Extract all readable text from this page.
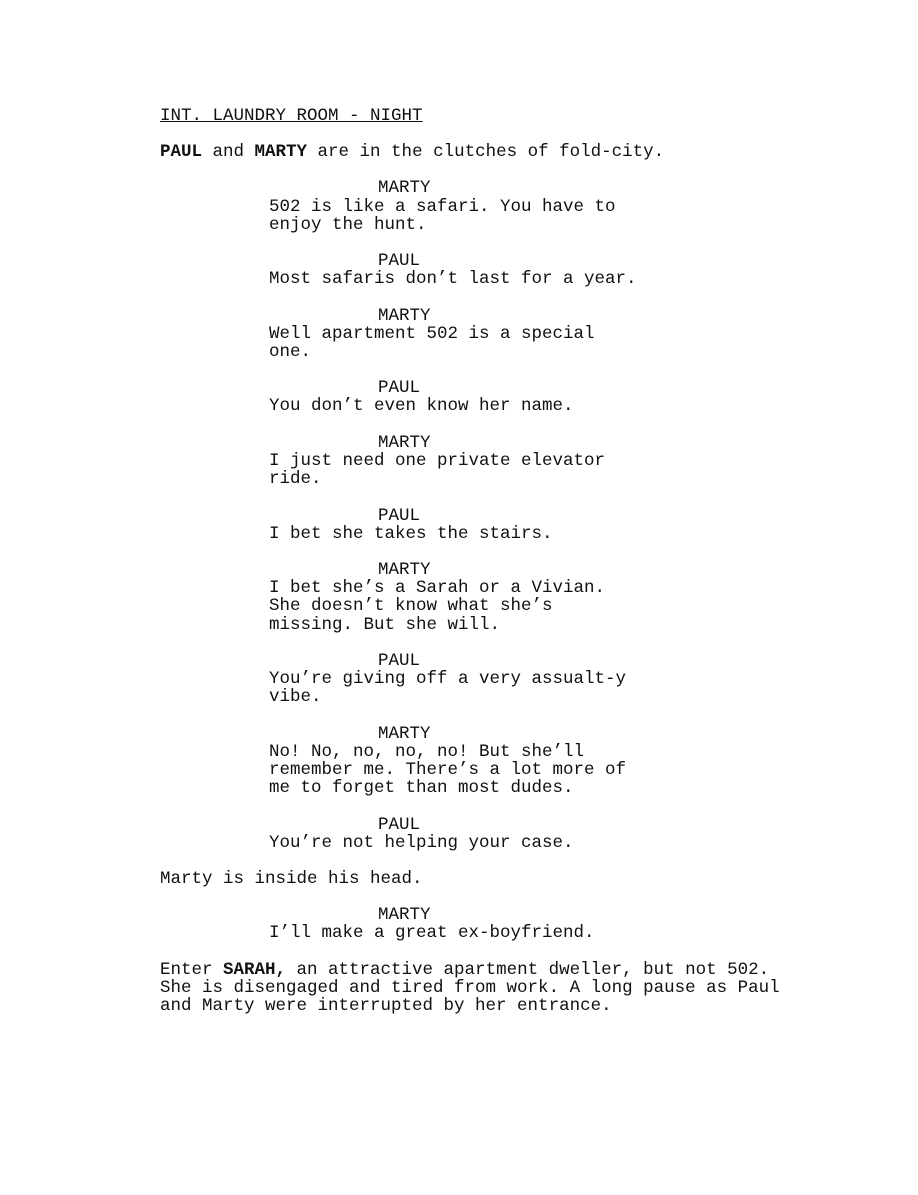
INT. LAUNDRY ROOM - NIGHT
PAUL and MARTY are in the clutches of fold-city.
MARTY
502 is like a safari. You have to
enjoy the hunt.
PAUL
Most safaris don’t last for a year.
MARTY
Well apartment 502 is a special
one.
PAUL
You don’t even know her name.
MARTY
I just need one private elevator
ride.
PAUL
I bet she takes the stairs.
MARTY
I bet she’s a Sarah or a Vivian.
She doesn’t know what she’s
missing. But she will.
PAUL
You’re giving off a very assualt-y
vibe.
MARTY
No! No, no, no, no! But she’ll
remember me. There’s a lot more of
me to forget than most dudes.
PAUL
You’re not helping your case.
Marty is inside his head.
MARTY
I’ll make a great ex-boyfriend.
Enter SARAH, an attractive apartment dweller, but not 502.
She is disengaged and tired from work. A long pause as Paul
and Marty were interrupted by her entrance.
